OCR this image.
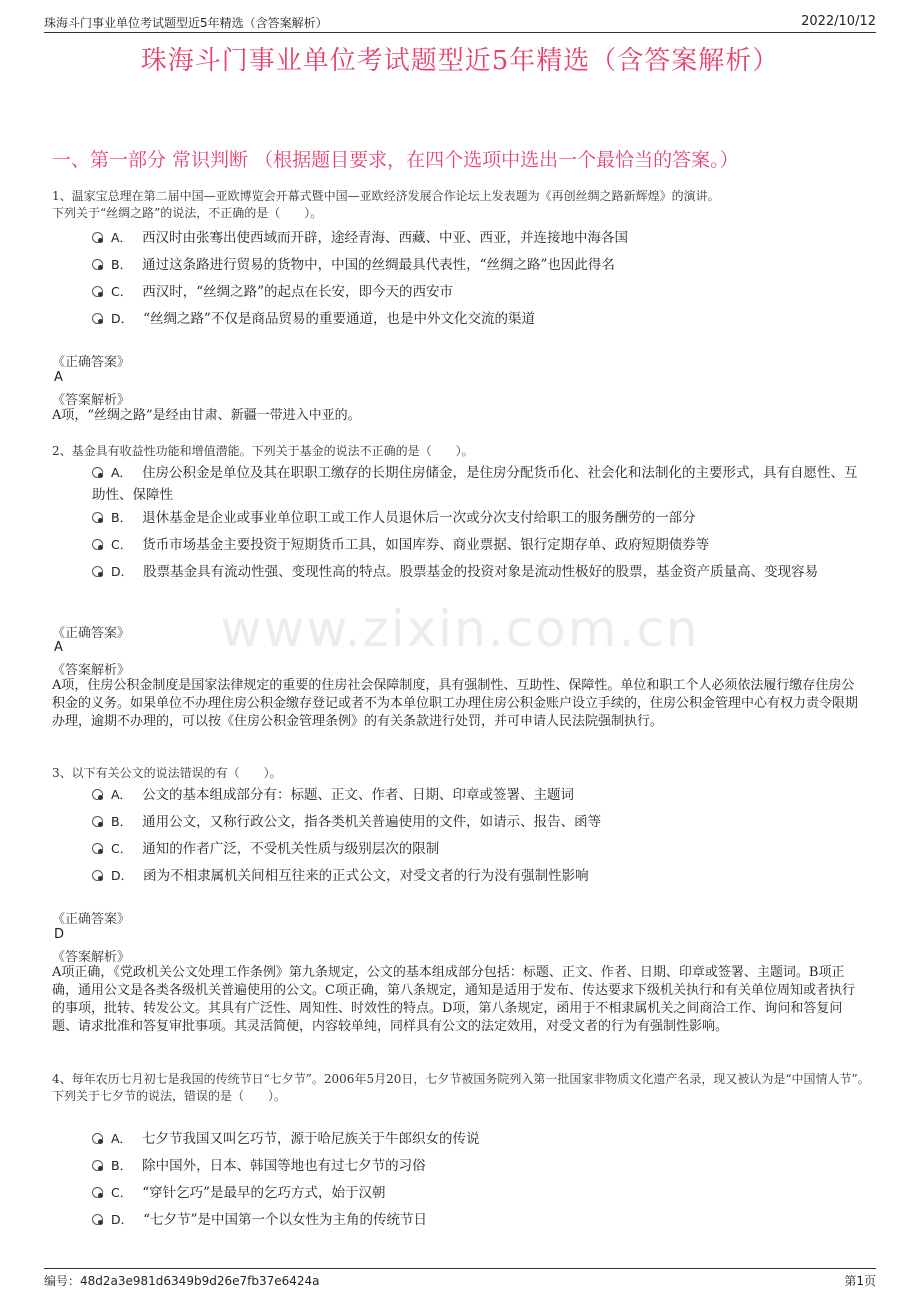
珠海斗门事业单位考试题型近5年精选（含答案解析）	2022/10/12
珠海斗门事业单位考试题型近5年精选（含答案解析）
一、第一部分 常识判断 （根据题目要求，在四个选项中选出一个最恰当的答案。）
www.zixin.com.cn
1、温家宝总理在第二届中国—亚欧博览会开幕式暨中国—亚欧经济发展合作论坛上发表题为《再创丝绸之路新辉煌》的演讲。
下列关于“丝绸之路”的说法，不正确的是（　　）。
A． 西汉时由张骞出使西域而开辟，途经青海、西藏、中亚、西亚，并连接地中海各国
B． 通过这条路进行贸易的货物中，中国的丝绸最具代表性，“丝绸之路”也因此得名
C． 西汉时，“丝绸之路”的起点在长安，即今天的西安市
D． “丝绸之路”不仅是商品贸易的重要通道，也是中外文化交流的渠道
《正确答案》
A
《答案解析》
A项，“丝绸之路”是经由甘肃、新疆一带进入中亚的。
2、基金具有收益性功能和增值潜能。下列关于基金的说法不正确的是（　　）。
A． 住房公积金是单位及其在职职工缴存的长期住房储金，是住房分配货币化、社会化和法制化的主要形式，具有自愿性、互助性、保障性
B． 退休基金是企业或事业单位职工或工作人员退休后一次或分次支付给职工的服务酬劳的一部分
C． 货币市场基金主要投资于短期货币工具，如国库券、商业票据、银行定期存单、政府短期债券等
D． 股票基金具有流动性强、变现性高的特点。股票基金的投资对象是流动性极好的股票，基金资产质量高、变现容易
《正确答案》
A
《答案解析》
A项，住房公积金制度是国家法律规定的重要的住房社会保障制度，具有强制性、互助性、保障性。单位和职工个人必须依法履行缴存住房公积金的义务。如果单位不办理住房公积金缴存登记或者不为本单位职工办理住房公积金账户设立手续的，住房公积金管理中心有权力责令限期办理，逾期不办理的，可以按《住房公积金管理条例》的有关条款进行处罚，并可申请人民法院强制执行。
3、以下有关公文的说法错误的有（　　）。
A． 公文的基本组成部分有：标题、正文、作者、日期、印章或签署、主题词
B． 通用公文，又称行政公文，指各类机关普遍使用的文件，如请示、报告、函等
C． 通知的作者广泛，不受机关性质与级别层次的限制
D． 函为不相隶属机关间相互往来的正式公文，对受文者的行为没有强制性影响
《正确答案》
D
《答案解析》
A项正确，《党政机关公文处理工作条例》第九条规定，公文的基本组成部分包括：标题、正文、作者、日期、印章或签署、主题词。B项正确，通用公文是各类各级机关普遍使用的公文。C项正确，第八条规定，通知是适用于发布、传达要求下级机关执行和有关单位周知或者执行的事项，批转、转发公文。其具有广泛性、周知性、时效性的特点。D项，第八条规定，函用于不相隶属机关之间商洽工作、询问和答复问题、请求批准和答复审批事项。其灵活简便，内容较单纯，同样具有公文的法定效用，对受文者的行为有强制性影响。
4、每年农历七月初七是我国的传统节日“七夕节”。2006年5月20日，七夕节被国务院列入第一批国家非物质文化遗产名录，现又被认为是“中国情人节”。
下列关于七夕节的说法，错误的是（　　）。
A． 七夕节我国又叫乞巧节，源于哈尼族关于牛郎织女的传说
B． 除中国外，日本、韩国等地也有过七夕节的习俗
C． “穿针乞巧”是最早的乞巧方式，始于汉朝
D． “七夕节”是中国第一个以女性为主角的传统节日
编号：48d2a3e981d6349b9d26e7fb37e6424a	第1页
